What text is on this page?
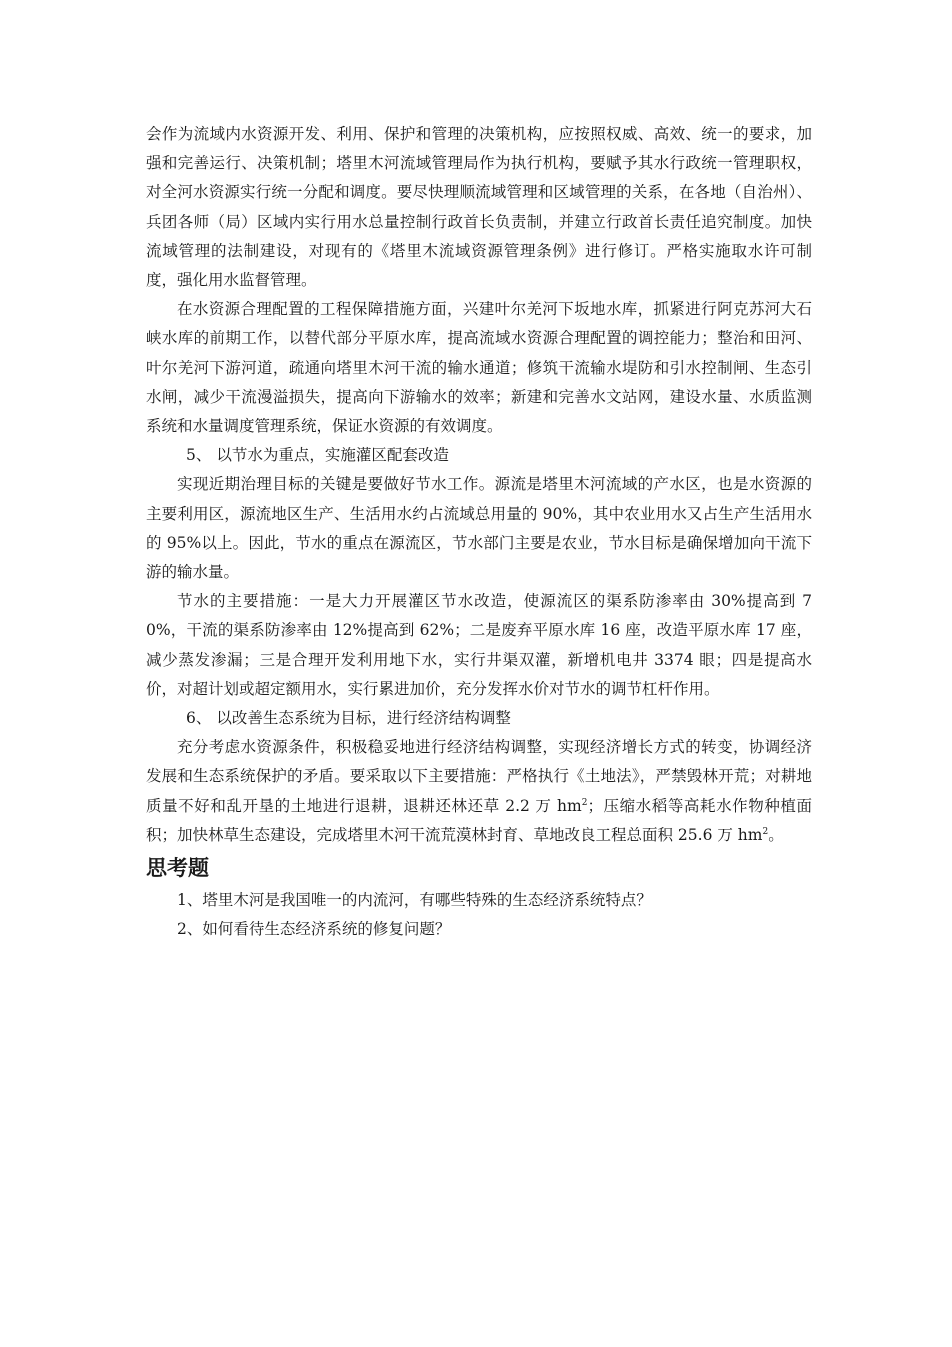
会作为流域内水资源开发、利用、保护和管理的决策机构，应按照权威、高效、统一的要求，加强和完善运行、决策机制；塔里木河流域管理局作为执行机构，要赋予其水行政统一管理职权，对全河水资源实行统一分配和调度。要尽快理顺流域管理和区域管理的关系，在各地（自治州）、兵团各师（局）区域内实行用水总量控制行政首长负责制，并建立行政首长责任追究制度。加快流域管理的法制建设，对现有的《塔里木流域资源管理条例》进行修订。严格实施取水许可制度，强化用水监督管理。

在水资源合理配置的工程保障措施方面，兴建叶尔羌河下坂地水库，抓紧进行阿克苏河大石峡水库的前期工作，以替代部分平原水库，提高流域水资源合理配置的调控能力；整治和田河、叶尔羌河下游河道，疏通向塔里木河干流的输水通道；修筑干流输水堤防和引水控制闸、生态引水闸，减少干流漫溢损失，提高向下游输水的效率；新建和完善水文站网，建设水量、水质监测系统和水量调度管理系统，保证水资源的有效调度。

5、 以节水为重点，实施灌区配套改造

实现近期治理目标的关键是要做好节水工作。源流是塔里木河流域的产水区，也是水资源的主要利用区，源流地区生产、生活用水约占流域总用量的 90%，其中农业用水又占生产生活用水的 95%以上。因此，节水的重点在源流区，节水部门主要是农业，节水目标是确保增加向干流下游的输水量。

节水的主要措施：一是大力开展灌区节水改造，使源流区的渠系防渗率由 30%提高到 70%，干流的渠系防渗率由 12%提高到 62%；二是废弃平原水库 16 座，改造平原水库 17 座，减少蒸发渗漏；三是合理开发利用地下水，实行井渠双灌，新增机电井 3374 眼；四是提高水价，对超计划或超定额用水，实行累进加价，充分发挥水价对节水的调节杠杆作用。

6、 以改善生态系统为目标，进行经济结构调整

充分考虑水资源条件，积极稳妥地进行经济结构调整，实现经济增长方式的转变，协调经济发展和生态系统保护的矛盾。要采取以下主要措施：严格执行《土地法》，严禁毁林开荒；对耕地质量不好和乱开垦的土地进行退耕，退耕还林还草 2.2 万 $hm^2$；压缩水稻等高耗水作物种植面积；加快林草生态建设，完成塔里木河干流荒漠林封育、草地改良工程总面积 25.6 万 $hm^2$。

思考题

1、塔里木河是我国唯一的内流河，有哪些特殊的生态经济系统特点？

2、如何看待生态经济系统的修复问题？
